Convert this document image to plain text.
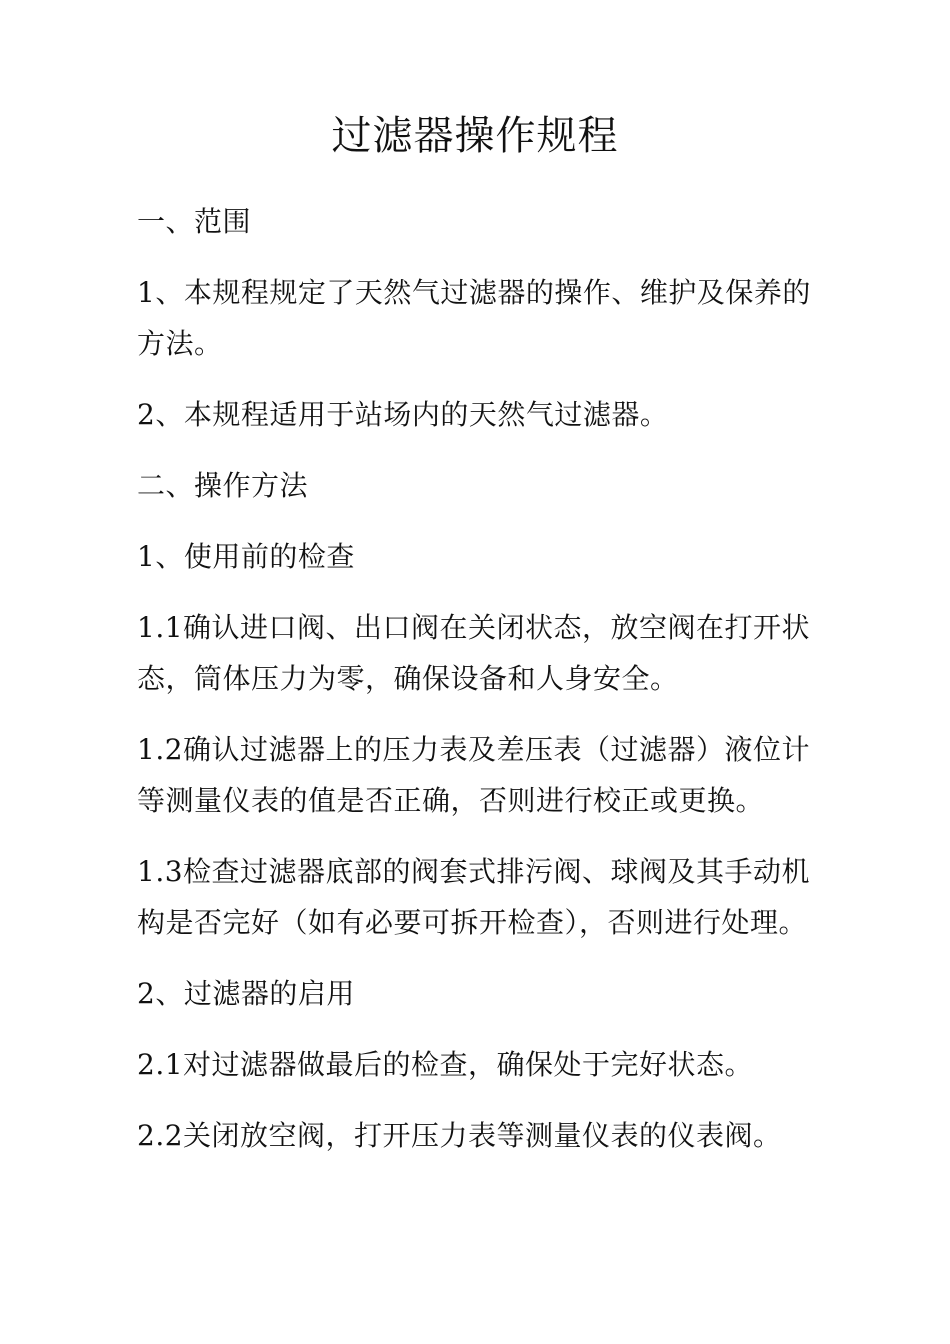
过滤器操作规程

一、范围

1、本规程规定了天然气过滤器的操作、维护及保养的方法。

2、本规程适用于站场内的天然气过滤器。

二、操作方法

1、使用前的检查

1.1确认进口阀、出口阀在关闭状态，放空阀在打开状态，筒体压力为零，确保设备和人身安全。

1.2确认过滤器上的压力表及差压表（过滤器）液位计等测量仪表的值是否正确，否则进行校正或更换。

1.3检查过滤器底部的阀套式排污阀、球阀及其手动机构是否完好（如有必要可拆开检查），否则进行处理。

2、过滤器的启用

2.1对过滤器做最后的检查，确保处于完好状态。

2.2关闭放空阀，打开压力表等测量仪表的仪表阀。
